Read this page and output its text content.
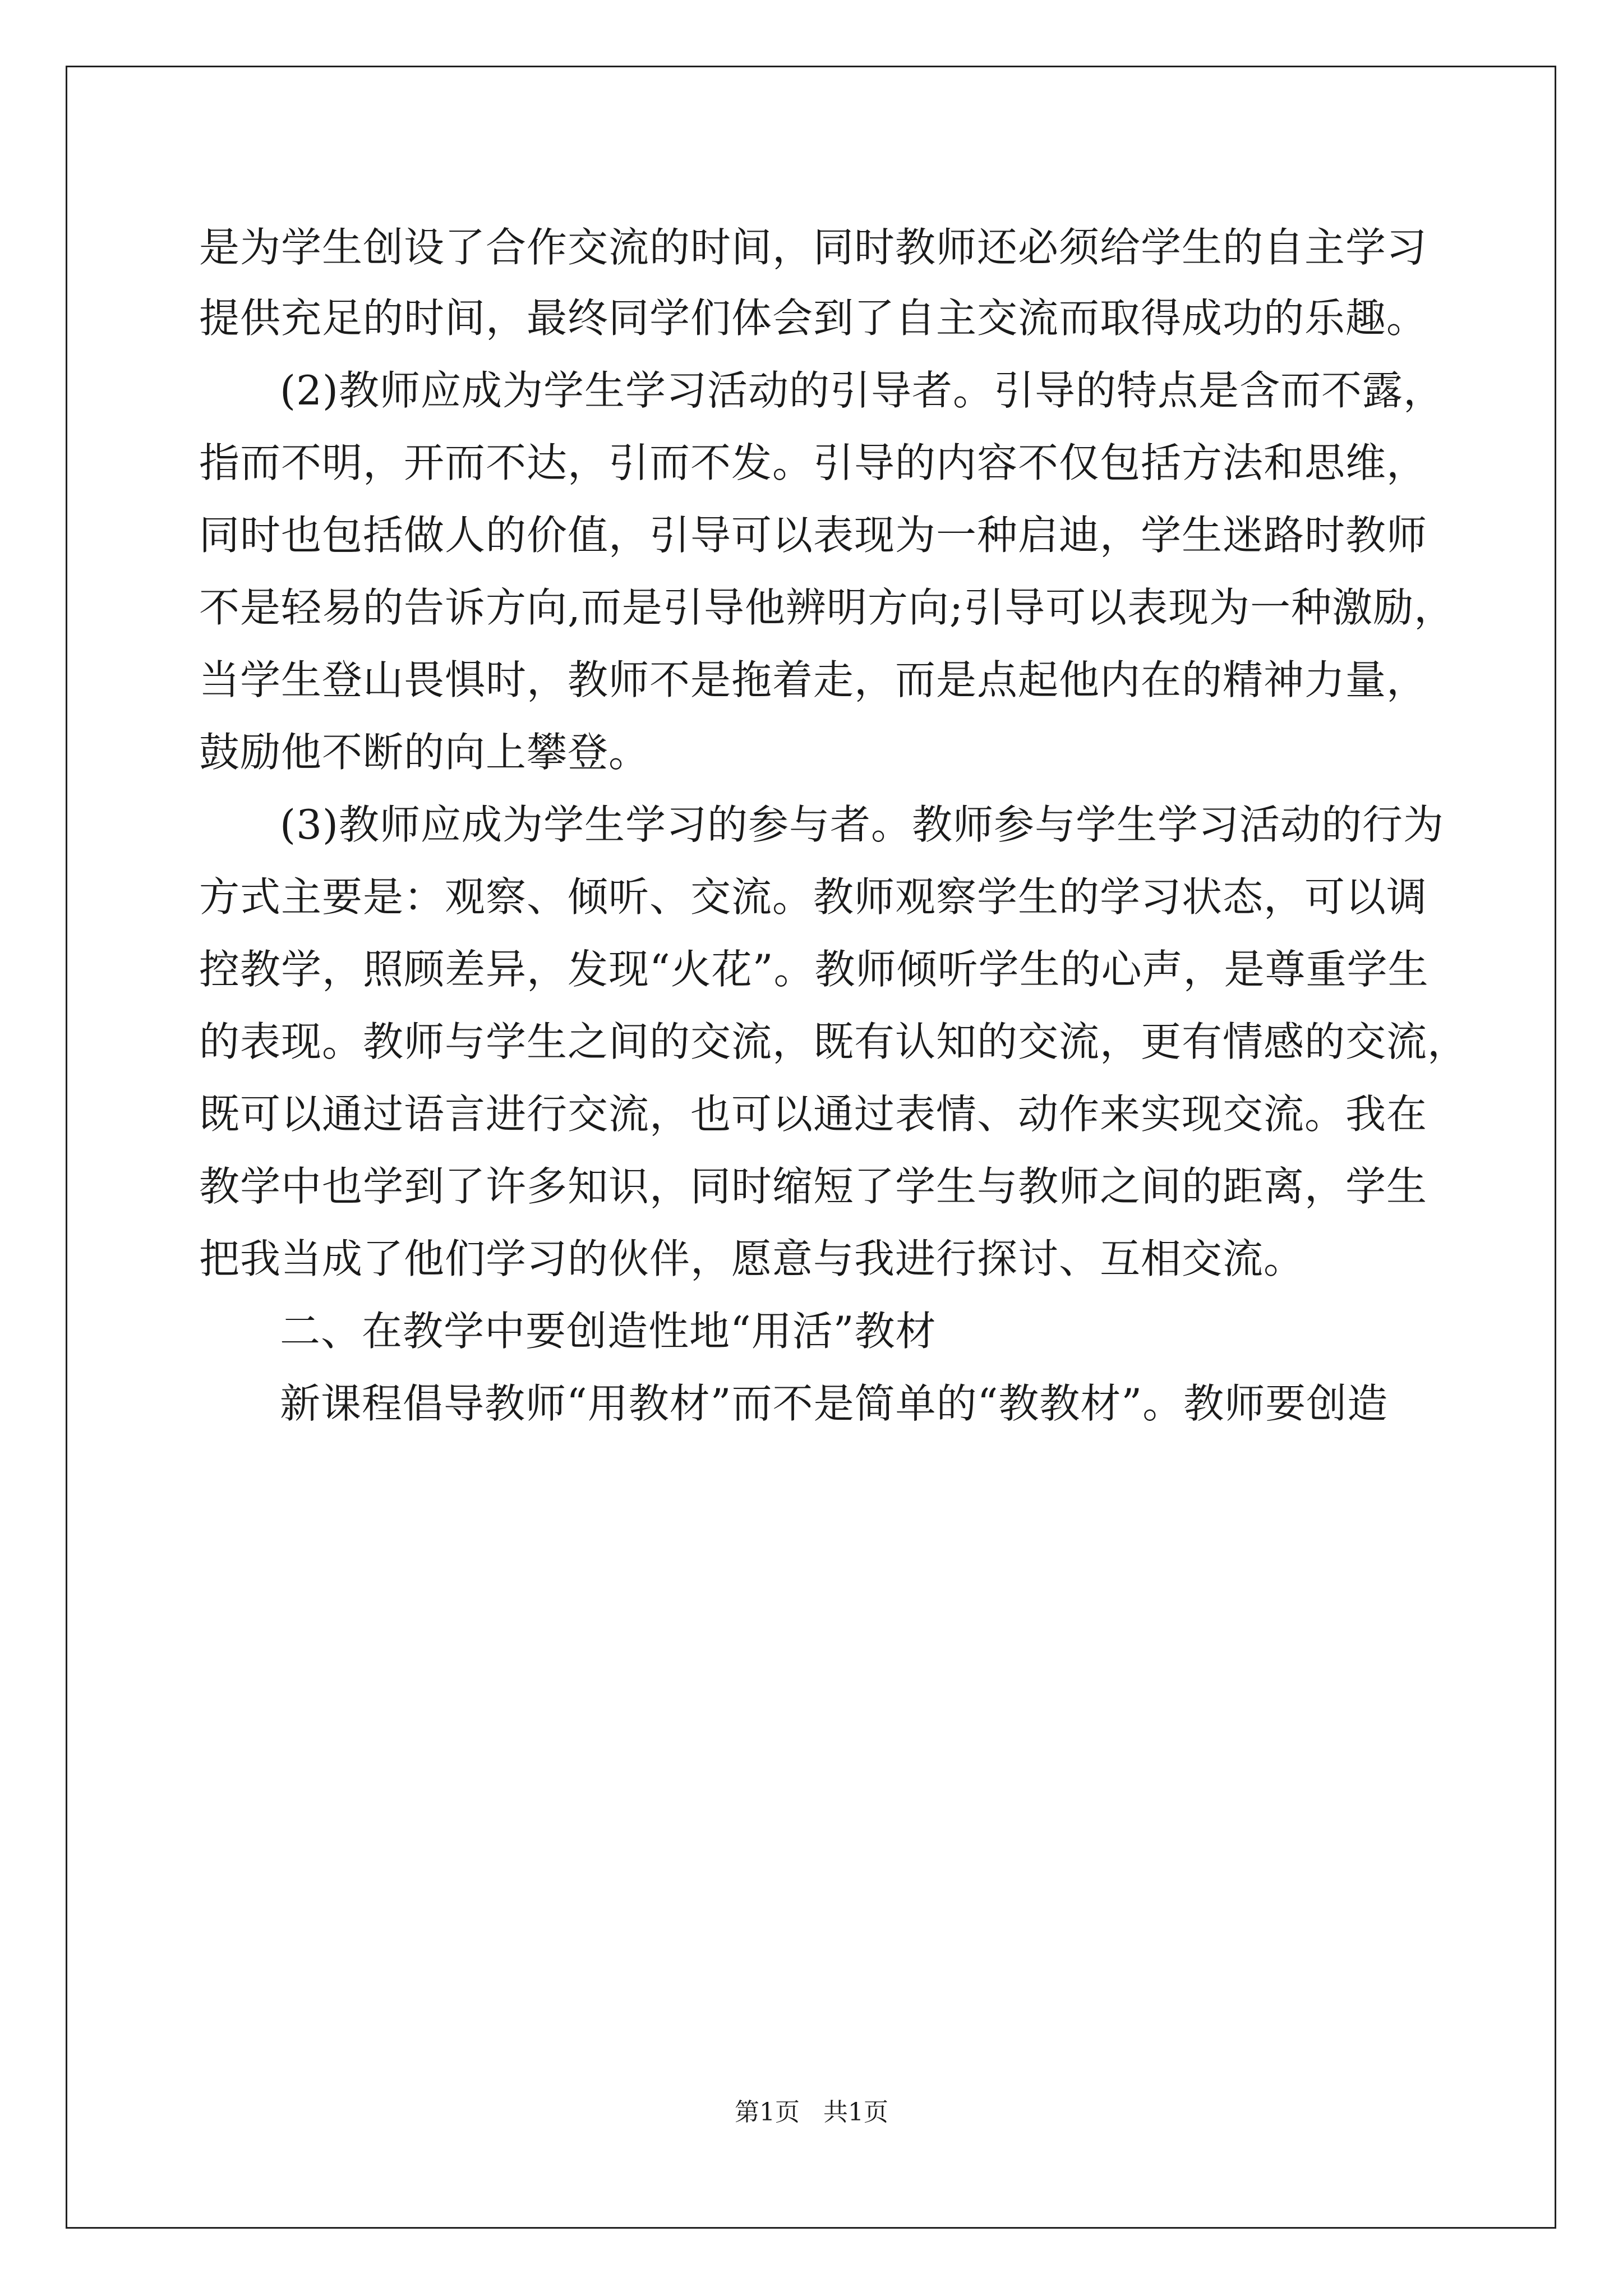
是为学生创设了合作交流的时间，同时教师还必须给学生的自主学习
提供充足的时间，最终同学们体会到了自主交流而取得成功的乐趣。
(2)教师应成为学生学习活动的引导者。引导的特点是含而不露，
指而不明，开而不达，引而不发。引导的内容不仅包括方法和思维，
同时也包括做人的价值，引导可以表现为一种启迪，学生迷路时教师
不是轻易的告诉方向,而是引导他辨明方向;引导可以表现为一种激励，
当学生登山畏惧时，教师不是拖着走，而是点起他内在的精神力量，
鼓励他不断的向上攀登。
(3)教师应成为学生学习的参与者。教师参与学生学习活动的行为
方式主要是：观察、倾听、交流。教师观察学生的学习状态，可以调
控教学，照顾差异，发现“火花”。教师倾听学生的心声，是尊重学生
的表现。教师与学生之间的交流，既有认知的交流，更有情感的交流，
既可以通过语言进行交流，也可以通过表情、动作来实现交流。我在
教学中也学到了许多知识，同时缩短了学生与教师之间的距离，学生
把我当成了他们学习的伙伴，愿意与我进行探讨、互相交流。
二、在教学中要创造性地“用活”教材
新课程倡导教师“用教材”而不是简单的“教教材”。教师要创造
第1页   共1页
